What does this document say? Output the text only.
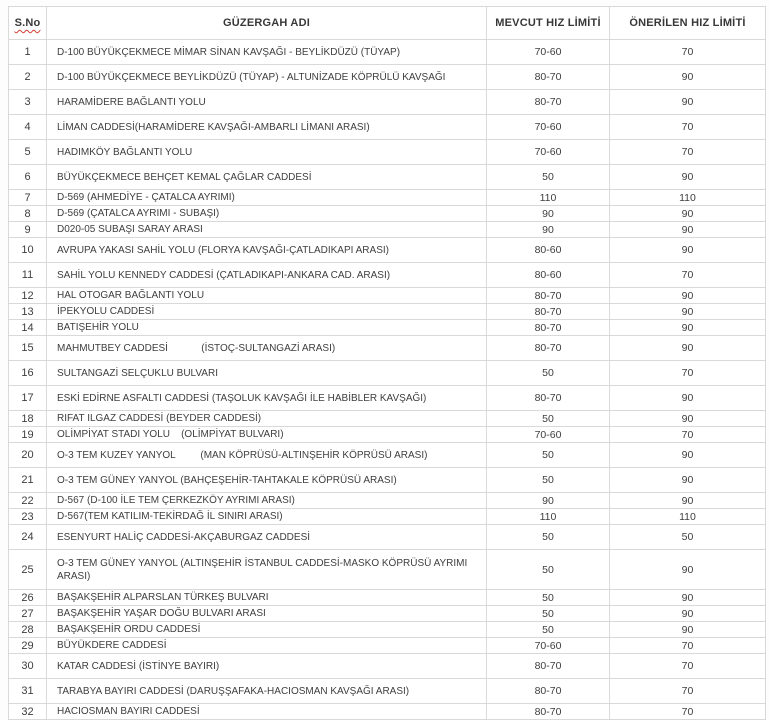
S.No	GÜZERGAH ADI	MEVCUT HIZ LİMİTİ	ÖNERİLEN HIZ LİMİTİ
1	D-100 BÜYÜKÇEKMECE MİMAR SİNAN KAVŞAĞI - BEYLİKDÜZÜ (TÜYAP)	70-60	70
2	D-100 BÜYÜKÇEKMECE BEYLİKDÜZÜ (TÜYAP) - ALTUNİZADE KÖPRÜLÜ KAVŞAĞI	80-70	90
3	HARAMİDERE BAĞLANTI YOLU	80-70	90
4	LİMAN CADDESİ(HARAMİDERE KAVŞAĞI-AMBARLI LİMANI ARASI)	70-60	70
5	HADIMKÖY BAĞLANTI YOLU	70-60	70
6	BÜYÜKÇEKMECE BEHÇET KEMAL ÇAĞLAR CADDESİ	50	90
7	D-569 (AHMEDİYE - ÇATALCA AYRIMI)	110	110
8	D-569 (ÇATALCA AYRIMI - SUBAŞI)	90	90
9	D020-05 SUBAŞI SARAY ARASI	90	90
10	AVRUPA YAKASI SAHİL YOLU (FLORYA KAVŞAĞI-ÇATLADIKAPI ARASI)	80-60	90
11	SAHİL YOLU KENNEDY CADDESİ (ÇATLADIKAPI-ANKARA CAD. ARASI)	80-60	70
12	HAL OTOGAR BAĞLANTI YOLU	80-70	90
13	İPEKYOLU CADDESİ	80-70	90
14	BATIŞEHİR YOLU	80-70	90
15	MAHMUTBEY CADDESİ            (İSTOÇ-SULTANGAZİ ARASI)	80-70	90
16	SULTANGAZİ SELÇUKLU BULVARI	50	70
17	ESKİ EDİRNE ASFALTI CADDESİ (TAŞOLUK KAVŞAĞI İLE HABİBLER KAVŞAĞI)	80-70	90
18	RIFAT ILGAZ CADDESİ (BEYDER CADDESİ)	50	90
19	OLİMPİYAT STADI YOLU    (OLİMPİYAT BULVARI)	70-60	70
20	O-3 TEM KUZEY YANYOL         (MAN KÖPRÜSÜ-ALTINŞEHİR KÖPRÜSÜ ARASI)	50	90
21	O-3 TEM GÜNEY YANYOL (BAHÇEŞEHİR-TAHTAKALE KÖPRÜSÜ ARASI)	50	90
22	D-567 (D-100 İLE TEM ÇERKEZKÖY AYRIMI ARASI)	90	90
23	D-567(TEM KATILIM-TEKİRDAĞ İL SINIRI ARASI)	110	110
24	ESENYURT HALİÇ CADDESİ-AKÇABURGAZ CADDESİ	50	50
25	O-3 TEM GÜNEY YANYOL (ALTINŞEHİR İSTANBUL CADDESİ-MASKO KÖPRÜSÜ AYRIMI ARASI)	50	90
26	BAŞAKŞEHİR ALPARSLAN TÜRKEŞ BULVARI	50	90
27	BAŞAKŞEHİR YAŞAR DOĞU BULVARI ARASI	50	90
28	BAŞAKŞEHİR ORDU CADDESİ	50	90
29	BÜYÜKDERE CADDESİ	70-60	70
30	KATAR CADDESİ (İSTİNYE BAYIRI)	80-70	70
31	TARABYA BAYIRI CADDESİ (DARUŞŞAFAKA-HACIOSMAN KAVŞAĞI ARASI)	80-70	70
32	HACIOSMAN BAYIRI CADDESİ	80-70	70
